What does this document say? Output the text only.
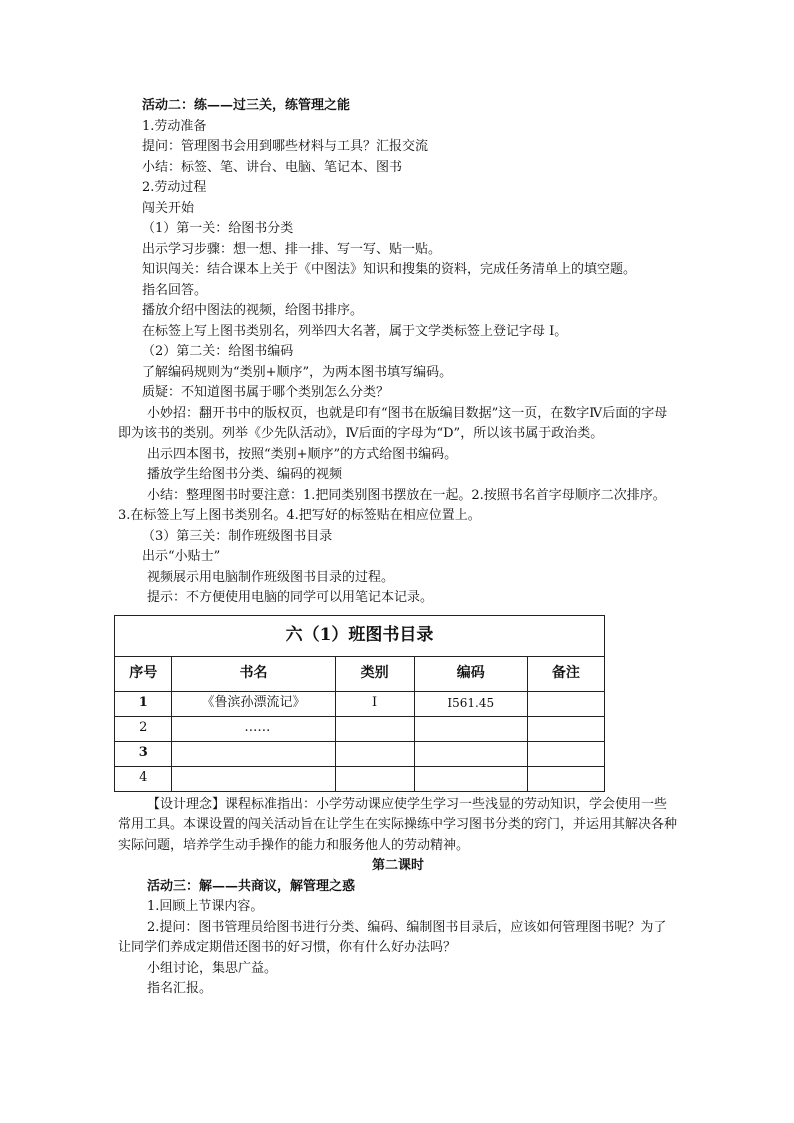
活动二：练——过三关，练管理之能
1.劳动准备
提问：管理图书会用到哪些材料与工具？汇报交流
小结：标签、笔、讲台、电脑、笔记本、图书
2.劳动过程
闯关开始
（1）第一关：给图书分类
出示学习步骤：想一想、排一排、写一写、贴一贴。
知识闯关：结合课本上关于《中图法》知识和搜集的资料，完成任务清单上的填空题。
指名回答。
播放介绍中图法的视频，给图书排序。
在标签上写上图书类别名，列举四大名著，属于文学类标签上登记字母 I。
（2）第二关：给图书编码
了解编码规则为“类别+顺序”，为两本图书填写编码。
质疑：不知道图书属于哪个类别怎么分类？
小妙招：翻开书中的版权页，也就是印有“图书在版编目数据”这一页，在数字Ⅳ后面的字母即为该书的类别。列举《少先队活动》，Ⅳ后面的字母为“D”，所以该书属于政治类。
出示四本图书，按照“类别+顺序”的方式给图书编码。
播放学生给图书分类、编码的视频
小结：整理图书时要注意：1.把同类别图书摆放在一起。2.按照书名首字母顺序二次排序。3.在标签上写上图书类别名。4.把写好的标签贴在相应位置上。
（3）第三关：制作班级图书目录
出示“小贴士”
视频展示用电脑制作班级图书目录的过程。
提示：不方便使用电脑的同学可以用笔记本记录。
六（1）班图书目录				
序号	书名	类别	编码	备注
1	《鲁滨孙漂流记》	I	I561.45	
2	……			
3				
4				
【设计理念】课程标准指出：小学劳动课应使学生学习一些浅显的劳动知识，学会使用一些常用工具。本课设置的闯关活动旨在让学生在实际操练中学习图书分类的窍门，并运用其解决各种实际问题，培养学生动手操作的能力和服务他人的劳动精神。
第二课时
活动三：解——共商议，解管理之惑
1.回顾上节课内容。
2.提问：图书管理员给图书进行分类、编码、编制图书目录后，应该如何管理图书呢？为了让同学们养成定期借还图书的好习惯，你有什么好办法吗？
小组讨论，集思广益。
指名汇报。
